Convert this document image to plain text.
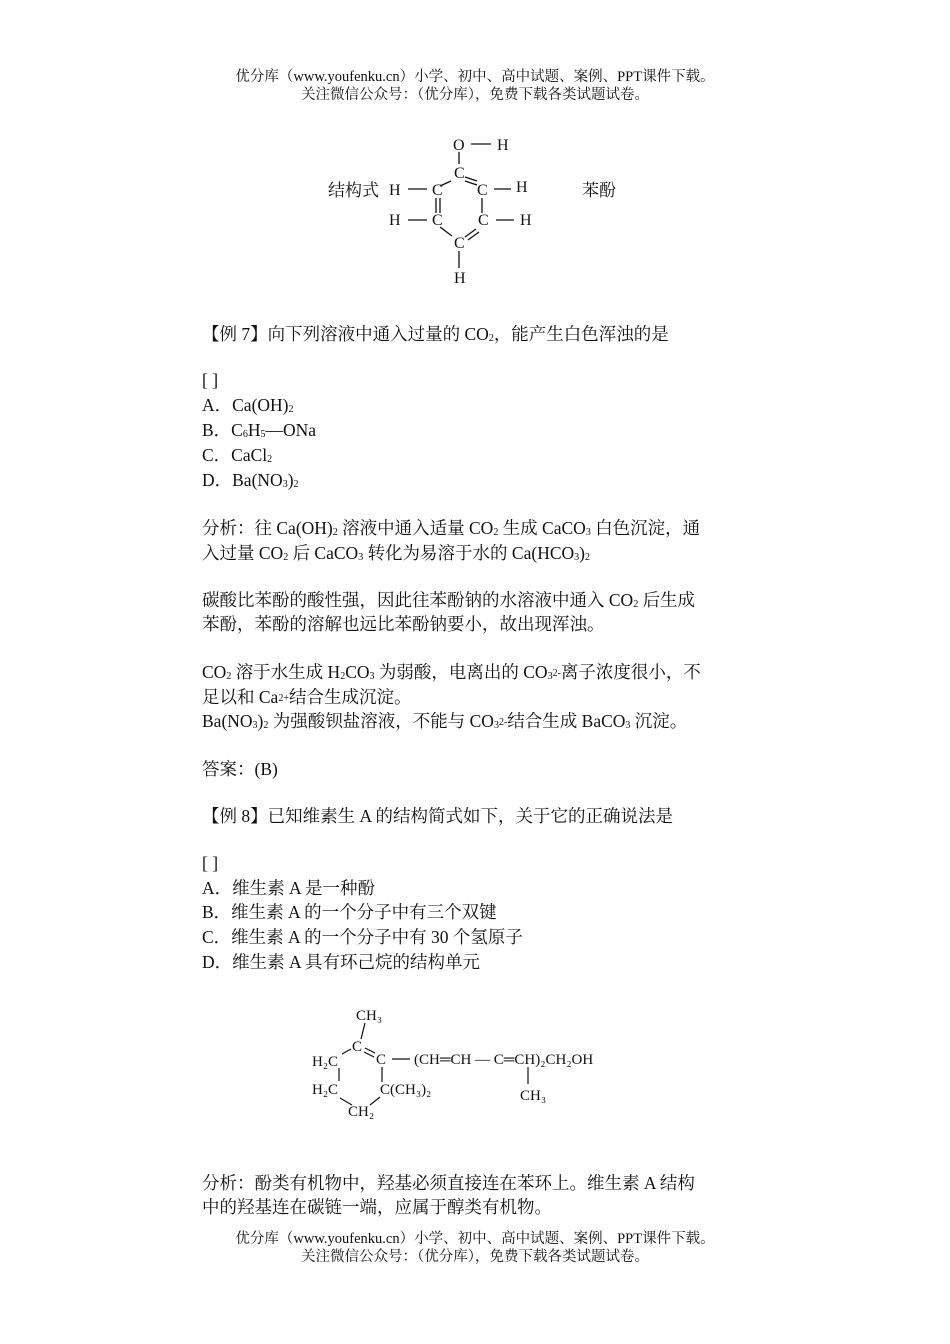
优分库（www.youfenku.cn）小学、初中、高中试题、案例、PPT课件下载。
关注微信公众号：（优分库），免费下载各类试题试卷。
结构式	苯酚
O H
C
C
C
C C
C
H
H
H
H
H
【例 7】向下列溶液中通入过量的 $CO_2$，能产生白色浑浊的是
[ ]
A．$Ca(OH)_2$
B．$C_6H_5—ONa$
C．CaCl$_2$
D．$Ba(NO_3)_2$
分析：往 $Ca(OH)_2$ 溶液中通入适量 $CO_2$ 生成 CaCO$_3$ 白色沉淀，通
入过量 $CO_2$ 后 CaCO$_3$ 转化为易溶于水的 $Ca(HCO_3)_2$
碳酸比苯酚的酸性强，因此往苯酚钠的水溶液中通入 $CO_2$ 后生成
苯酚，苯酚的溶解也远比苯酚钠要小，故出现浑浊。
$CO_2$ 溶于水生成 $H_2CO_3$ 为弱酸，电离出的 $CO_3^{2-}$离子浓度很小，不
足以和 $Ca^{2+}$结合生成沉淀。
$Ba(NO_3)_2$ 为强酸钡盐溶液，不能与 $CO_3^{2-}$结合生成 BaCO$_3$ 沉淀。
答案：(B)
【例 8】已知维素生 A 的结构简式如下，关于它的正确说法是
[ ]
A．维生素 A 是一种酚
B．维生素 A 的一个分子中有三个双键
C．维生素 A 的一个分子中有 30 个氢原子
D．维生素 A 具有环己烷的结构单元
CH₃
C
C
H₂C
H₂C	C(CH₃)₂
CH₂
(CH═CH — C═CH)₂CH₂OH
CH₃
分析：酚类有机物中，羟基必须直接连在苯环上。维生素 A 结构
中的羟基连在碳链一端，应属于醇类有机物。
优分库（www.youfenku.cn）小学、初中、高中试题、案例、PPT课件下载。
关注微信公众号：（优分库），免费下载各类试题试卷。
